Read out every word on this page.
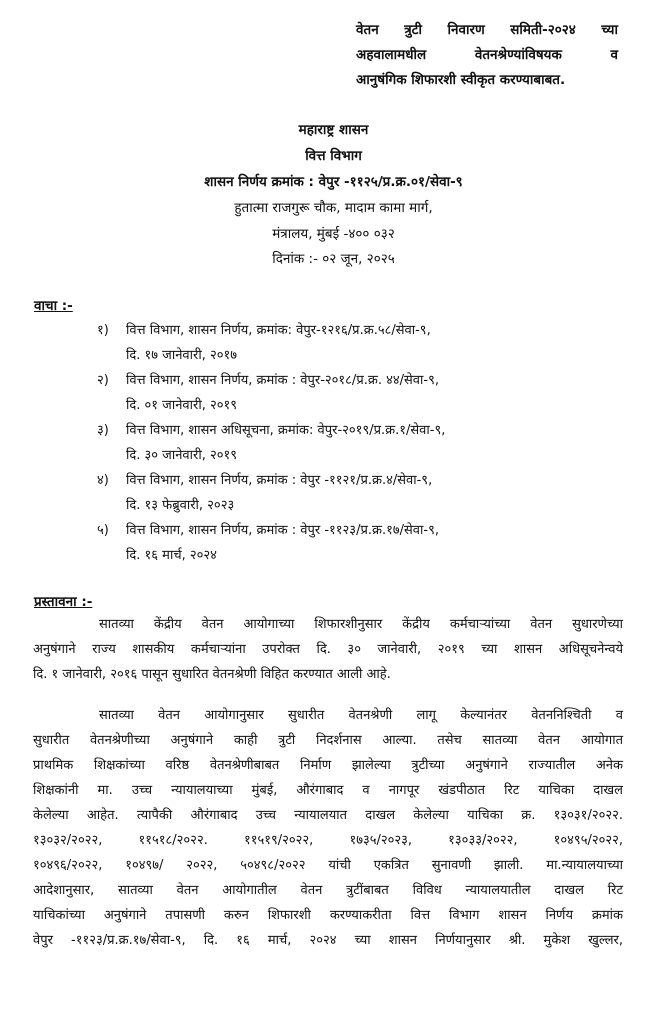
वेतन त्रुटी निवारण समिती-२०२४ च्या
अहवालामधील वेतनश्रेण्यांविषयक व
आनुषंगिक शिफारशी स्वीकृत करण्याबाबत.
महाराष्ट्र शासन
वित्त विभाग
शासन निर्णय क्रमांक : वेपुर -११२५/प्र.क्र.०१/सेवा-९
हुतात्मा राजगुरू चौक, मादाम कामा मार्ग,
मंत्रालय, मुंबई -४०० ०३२
दिनांक :- ०२ जून, २०२५
वाचा :-
१) वित्त विभाग, शासन निर्णय, क्रमांक: वेपुर-१२१६/प्र.क्र.५८/सेवा-९,
दि. १७ जानेवारी, २०१७
२) वित्त विभाग, शासन निर्णय, क्रमांक : वेपुर-२०१८/प्र.क्र. ४४/सेवा-९,
दि. ०१ जानेवारी, २०१९
३) वित्त विभाग, शासन अधिसूचना, क्रमांक: वेपुर-२०१९/प्र.क्र.१/सेवा-९,
दि. ३० जानेवारी, २०१९
४) वित्त विभाग, शासन निर्णय, क्रमांक : वेपुर -११२१/प्र.क्र.४/सेवा-९,
दि. १३ फेब्रुवारी, २०२३
५) वित्त विभाग, शासन निर्णय, क्रमांक : वेपुर -११२३/प्र.क्र.१७/सेवा-९,
दि. १६ मार्च, २०२४
प्रस्तावना :-
सातव्या केंद्रीय वेतन आयोगाच्या शिफारशीनुसार केंद्रीय कर्मचाऱ्यांच्या वेतन सुधारणेच्या
अनुषंगाने राज्य शासकीय कर्मचाऱ्यांना उपरोक्त दि. ३० जानेवारी, २०१९ च्या शासन अधिसूचनेन्वये
दि. १ जानेवारी, २०१६ पासून सुधारित वेतनश्रेणी विहित करण्यात आली आहे.
सातव्या वेतन आयोगानुसार सुधारीत वेतनश्रेणी लागू केल्यानंतर वेतननिश्चिती व
सुधारीत वेतनश्रेणीच्या अनुषंगाने काही त्रुटी निदर्शनास आल्या. तसेच सातव्या वेतन आयोगात
प्राथमिक शिक्षकांच्या वरिष्ठ वेतनश्रेणीबाबत निर्माण झालेल्या त्रुटीच्या अनुषंगाने राज्यातील अनेक
शिक्षकांनी मा. उच्च न्यायालयाच्या मुंबई, औरंगाबाद व नागपूर खंडपीठात रिट याचिका दाखल
केलेल्या आहेत. त्यापैकी औरंगाबाद उच्च न्यायालयात दाखल केलेल्या याचिका क्र. १३०३१/२०२२.
१३०३२/२०२२, ११५१८/२०२२. ११५१९/२०२२, १७३५/२०२३, १३०३३/२०२२, १०४९५/२०२२,
१०४९६/२०२२, १०४९७/ २०२२, ५०४९८/२०२२ यांची एकत्रित सुनावणी झाली. मा.न्यायालयाच्या
आदेशानुसार, सातव्या वेतन आयोगातील वेतन त्रुटींबाबत विविध न्यायालयातील दाखल रिट
याचिकांच्या अनुषंगाने तपासणी करुन शिफारशी करण्याकरीता वित्त विभाग शासन निर्णय क्रमांक
वेपुर -११२३/प्र.क्र.१७/सेवा-९, दि. १६ मार्च, २०२४ च्या शासन निर्णयानुसार श्री. मुकेश खुल्लर,
